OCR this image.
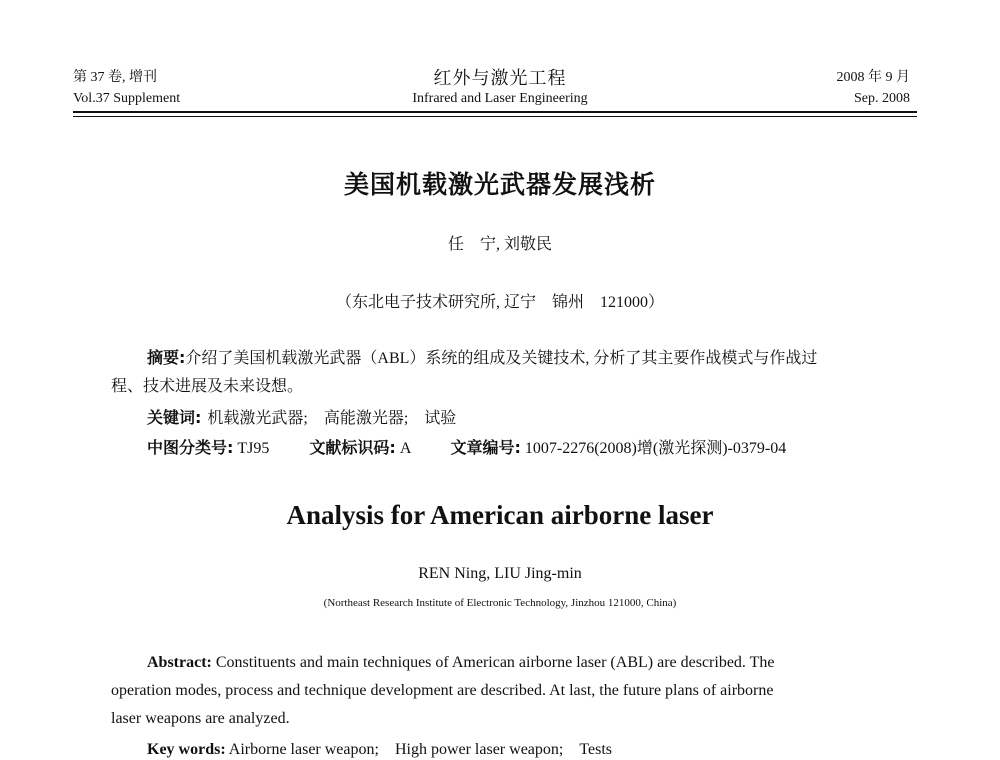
第 37 卷, 增刊
Vol.37 Supplement
红外与激光工程
Infrared and Laser Engineering
2008 年 9 月
Sep. 2008
美国机载激光武器发展浅析
任　宁, 刘敬民
（东北电子技术研究所, 辽宁　锦州　121000）
摘要:介绍了美国机载激光武器（ABL）系统的组成及关键技术, 分析了其主要作战模式与作战过
程、技术进展及未来设想。
关键词: 机载激光武器;　高能激光器;　试验
中图分类号: TJ95	文献标识码: A	文章编号: 1007-2276(2008)增(激光探测)-0379-04
Analysis for American airborne laser
REN Ning, LIU Jing-min
(Northeast Research Institute of Electronic Technology, Jinzhou 121000, China)
Abstract: Constituents and main techniques of American airborne laser (ABL) are described. The
operation modes, process and technique development are described. At last, the future plans of airborne
laser weapons are analyzed.
Key words: Airborne laser weapon;　High power laser weapon;　Tests
